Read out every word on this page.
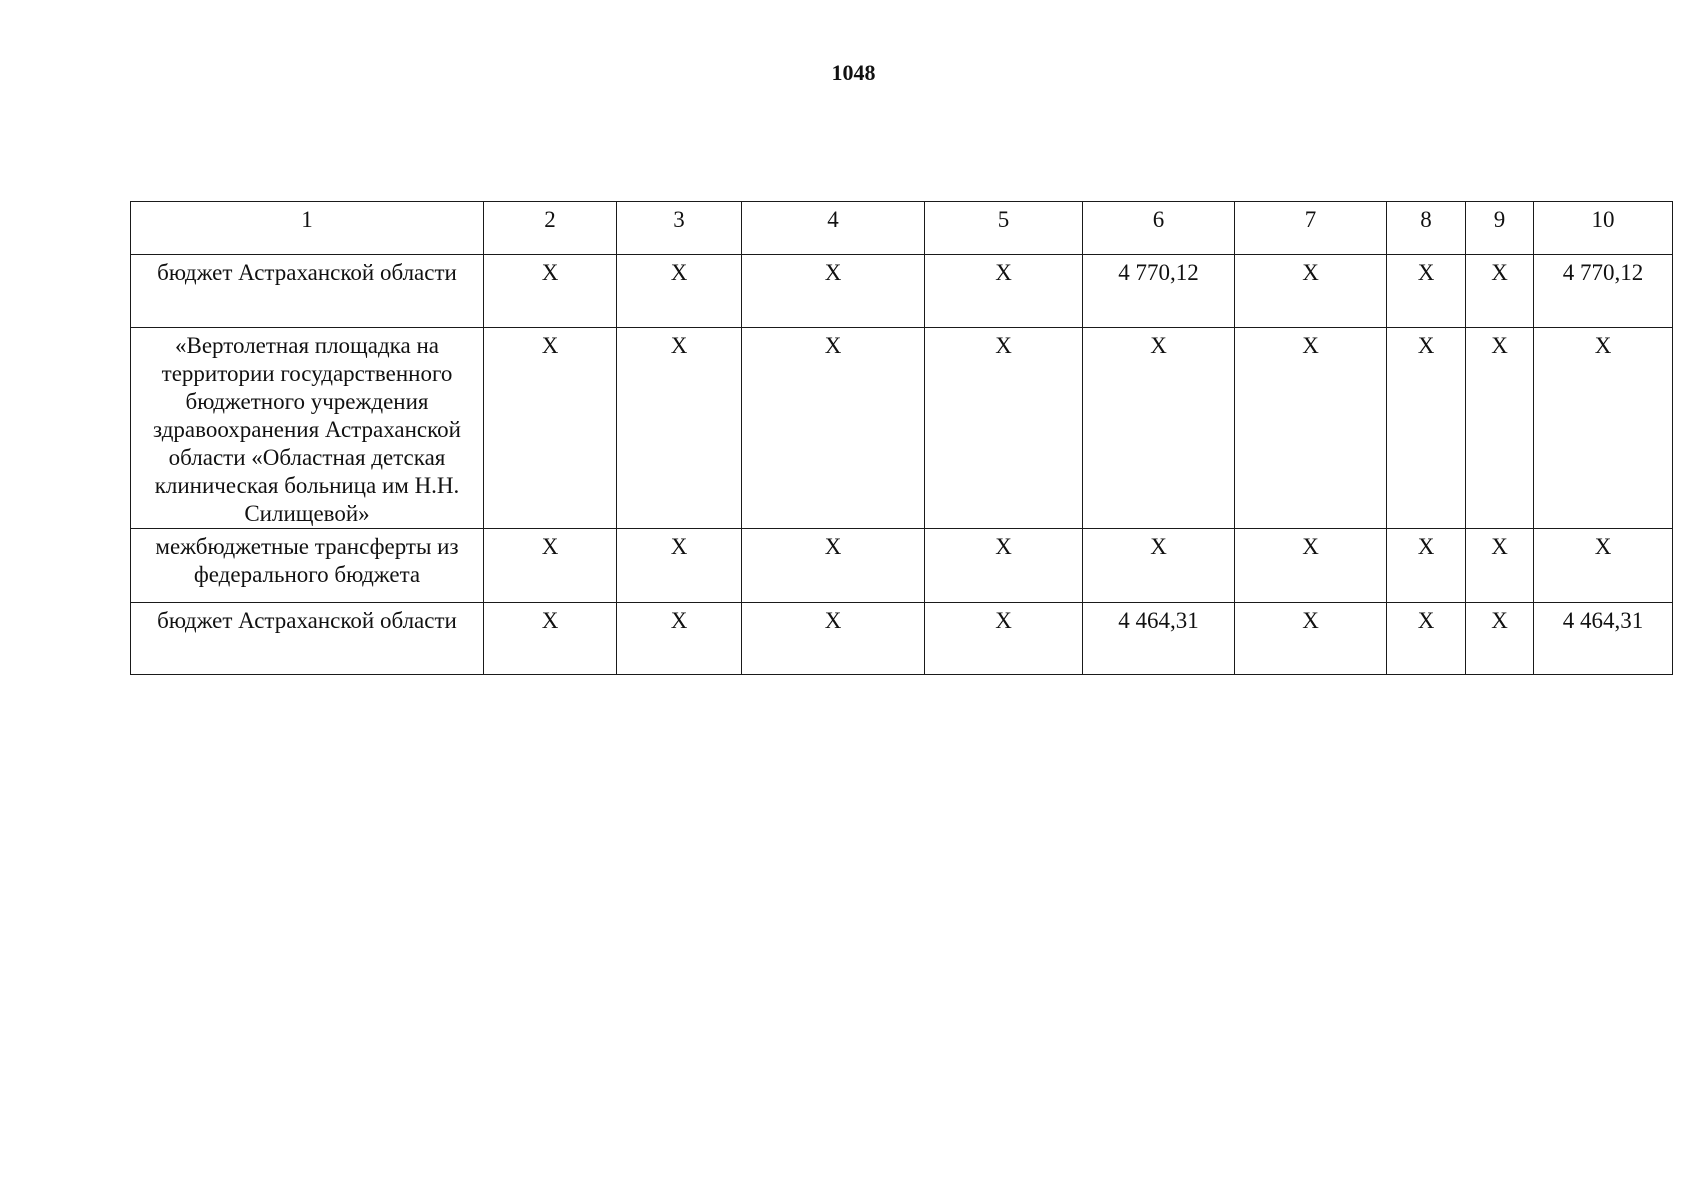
1048
1	2	3	4	5	6	7	8	9	10
бюджет Астраханской области	Х	Х	Х	Х	4 770,12	Х	Х	Х	4 770,12
«Вертолетная площадка на территории государственного бюджетного учреждения здравоохранения Астраханской области «Областная детская клиническая больница им Н.Н. Силищевой»	Х	Х	Х	Х	Х	Х	Х	Х	Х
межбюджетные трансферты из федерального бюджета	Х	Х	Х	Х	Х	Х	Х	Х	Х
бюджет Астраханской области	Х	Х	Х	Х	4 464,31	Х	Х	Х	4 464,31
